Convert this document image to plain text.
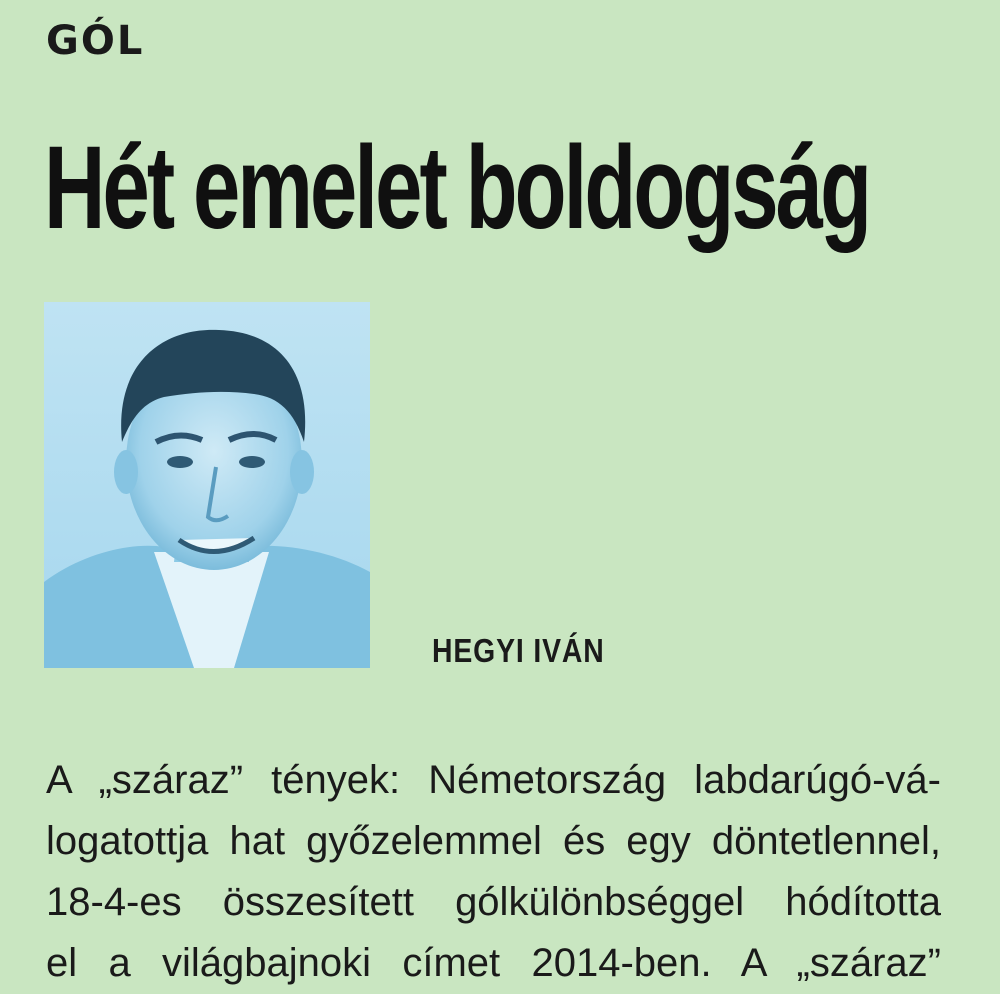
GÓL
Hét emelet boldogság
HEGYI IVÁN
A „száraz” tények: Németország labdarúgó-vá-
logatottja hat győzelemmel és egy döntetlennel,
18-4-es összesített gólkülönbséggel hódította
el a világbajnoki címet 2014-ben. A „száraz”
